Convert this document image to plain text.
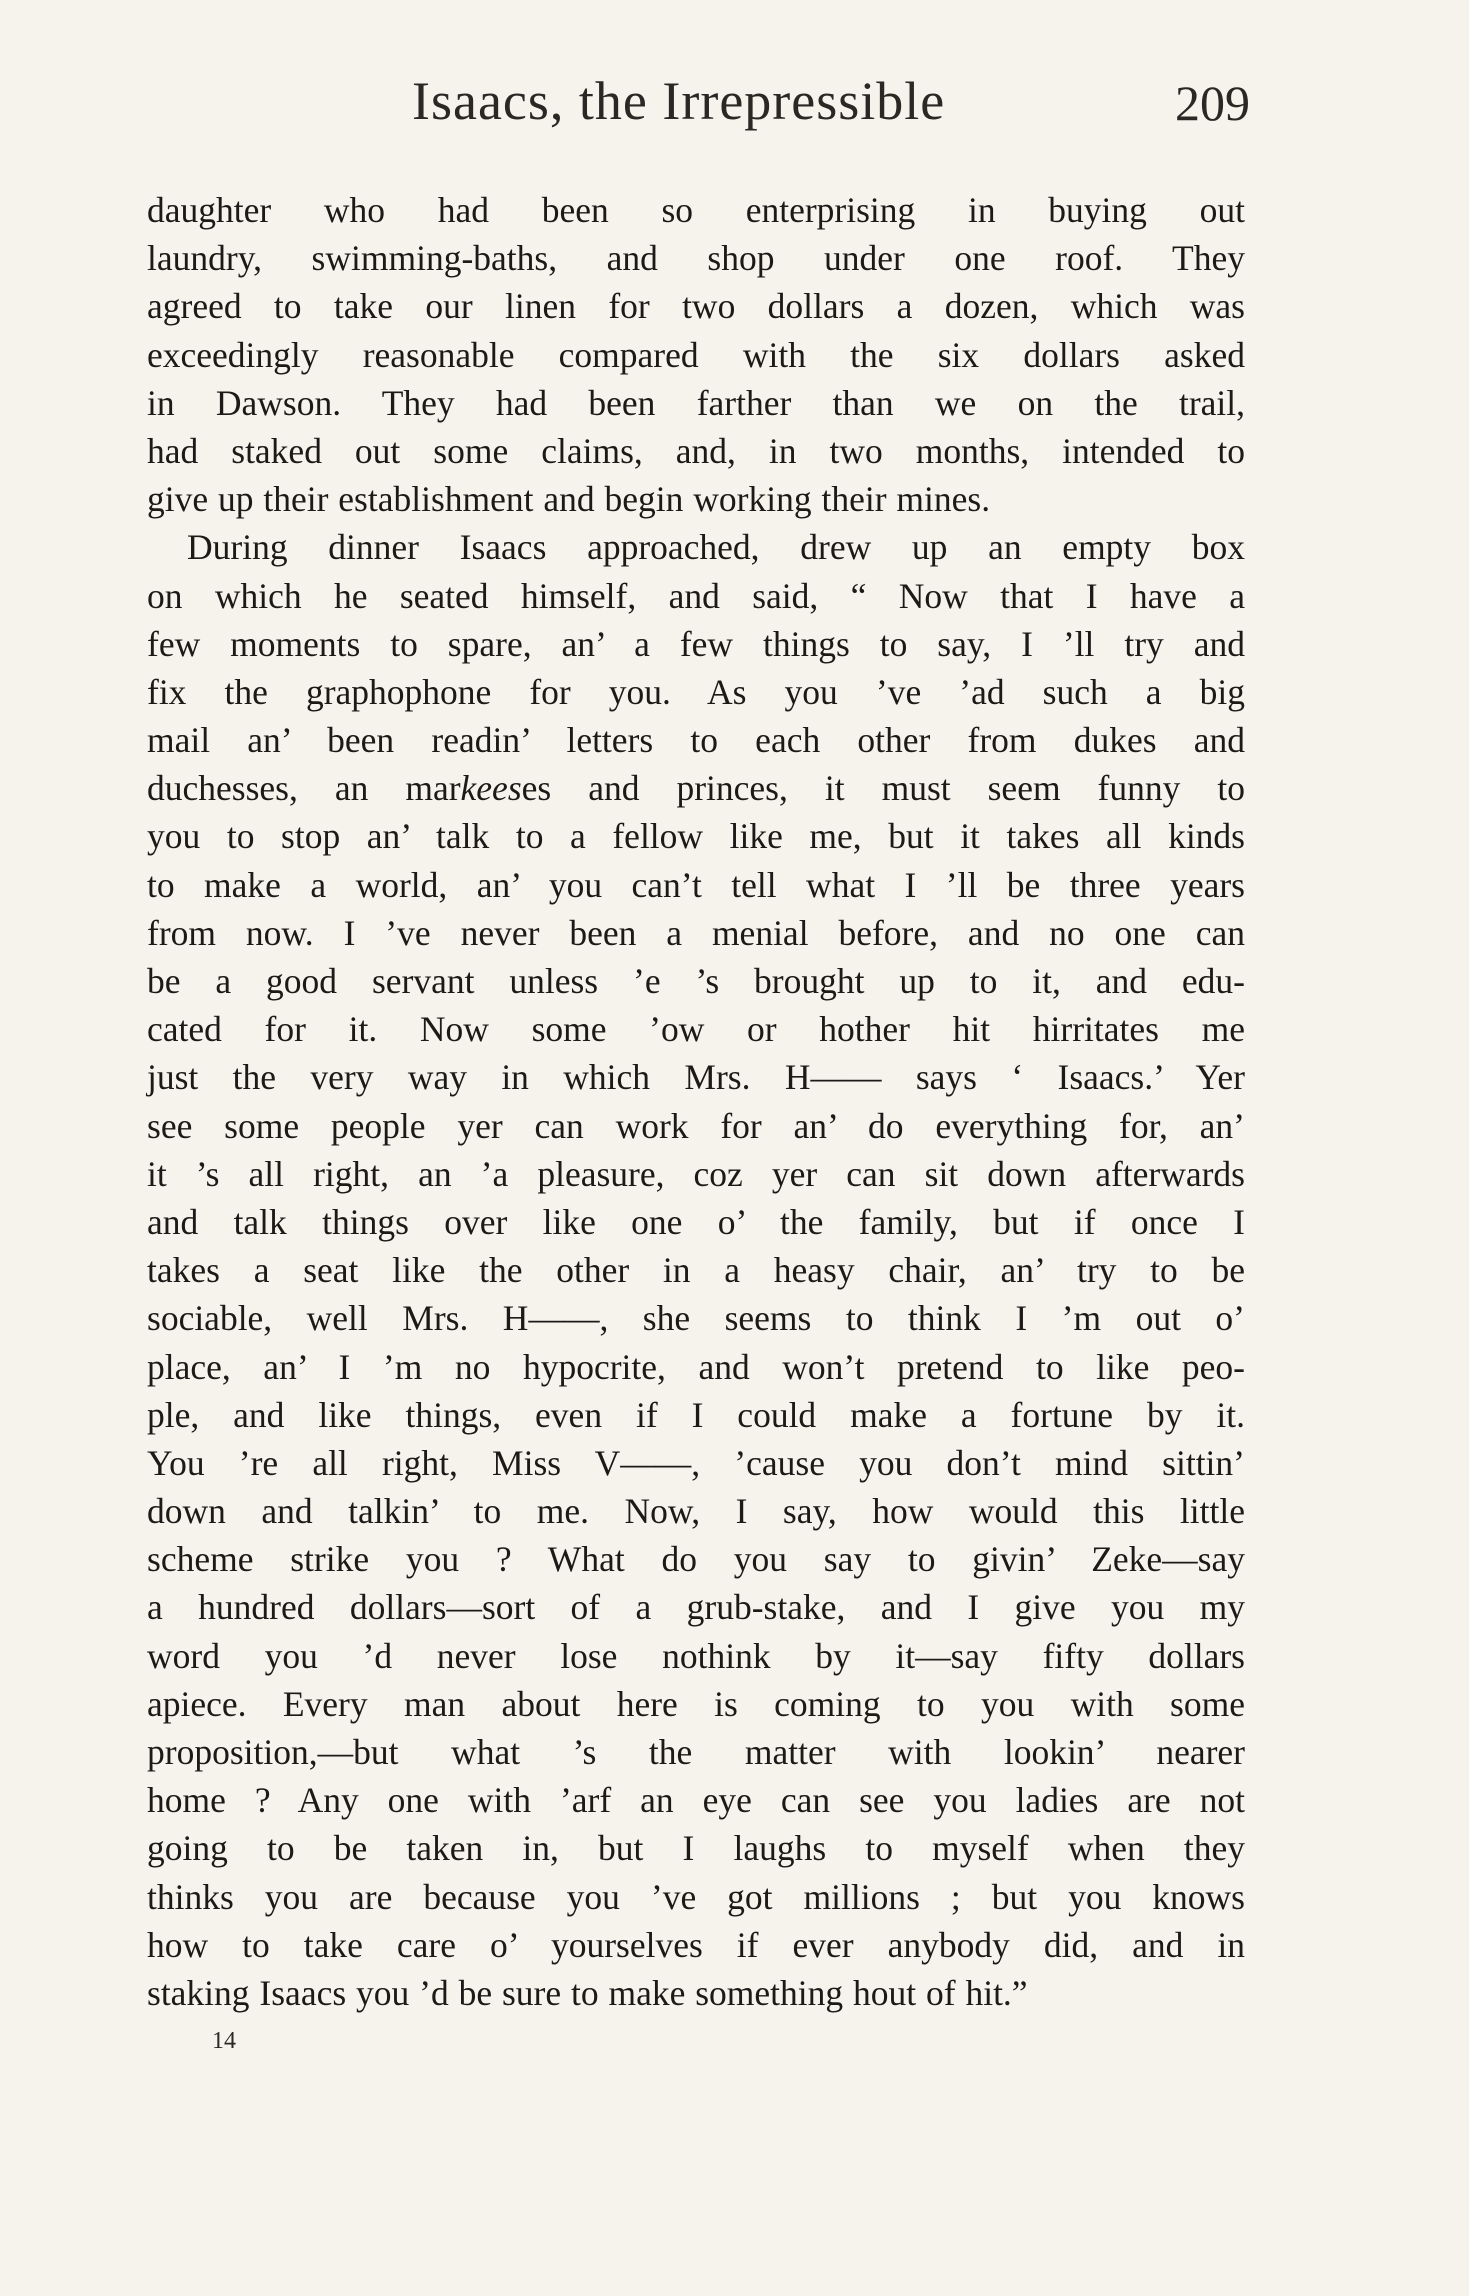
Isaacs, the Irrepressible	209
daughter who had been so enterprising in buying out
laundry, swimming-baths, and shop under one roof. They
agreed to take our linen for two dollars a dozen, which was
exceedingly reasonable compared with the six dollars asked
in Dawson. They had been farther than we on the trail,
had staked out some claims, and, in two months, intended to
give up their establishment and begin working their mines.
During dinner Isaacs approached, drew up an empty box
on which he seated himself, and said, “ Now that I have a
few moments to spare, an’ a few things to say, I ’ll try and
fix the graphophone for you. As you ’ve ’ad such a big
mail an’ been readin’ letters to each other from dukes and
duchesses, an markeeses and princes, it must seem funny to
you to stop an’ talk to a fellow like me, but it takes all kinds
to make a world, an’ you can’t tell what I ’ll be three years
from now. I ’ve never been a menial before, and no one can
be a good servant unless ’e ’s brought up to it, and edu-
cated for it. Now some ’ow or hother hit hirritates me
just the very way in which Mrs. H—— says ‘ Isaacs.’ Yer
see some people yer can work for an’ do everything for, an’
it ’s all right, an ’a pleasure, coz yer can sit down afterwards
and talk things over like one o’ the family, but if once I
takes a seat like the other in a heasy chair, an’ try to be
sociable, well Mrs. H——, she seems to think I ’m out o’
place, an’ I ’m no hypocrite, and won’t pretend to like peo-
ple, and like things, even if I could make a fortune by it.
You ’re all right, Miss V——, ’cause you don’t mind sittin’
down and talkin’ to me. Now, I say, how would this little
scheme strike you ? What do you say to givin’ Zeke—say
a hundred dollars—sort of a grub-stake, and I give you my
word you ’d never lose nothink by it—say fifty dollars
apiece. Every man about here is coming to you with some
proposition,—but what ’s the matter with lookin’ nearer
home ? Any one with ’arf an eye can see you ladies are not
going to be taken in, but I laughs to myself when they
thinks you are because you ’ve got millions ; but you knows
how to take care o’ yourselves if ever anybody did, and in
staking Isaacs you ’d be sure to make something hout of hit.”
14
